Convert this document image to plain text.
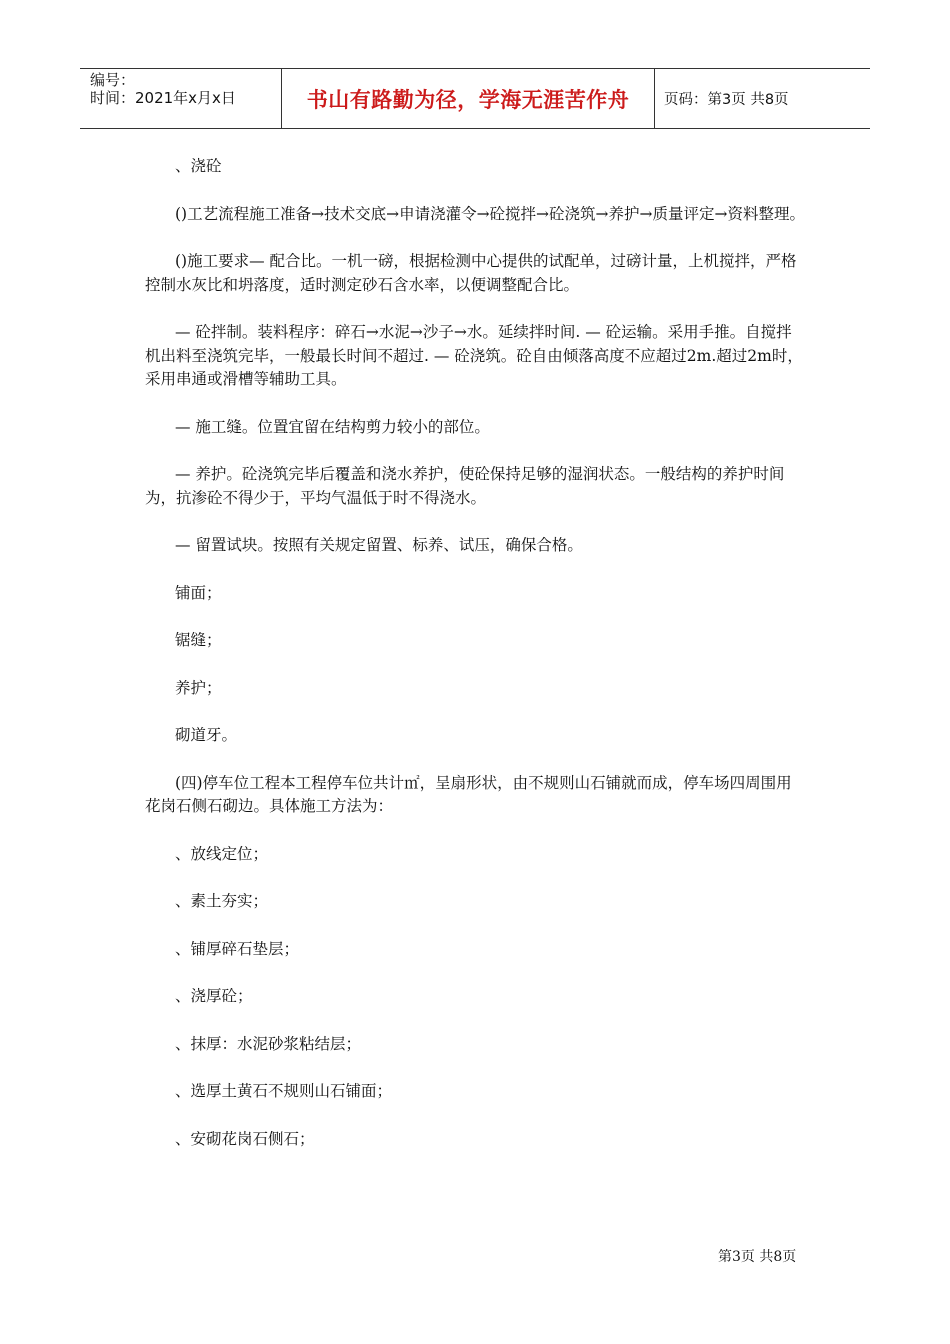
编号：
时间：2021年x月x日	书山有路勤为径，学海无涯苦作舟	页码：第3页 共8页

、浇砼

()工艺流程施工准备→技术交底→申请浇灌令→砼搅拌→砼浇筑→养护→质量评定→资料整理。

()施工要求— 配合比。一机一磅，根据检测中心提供的试配单，过磅计量，上机搅拌，严格控制水灰比和坍落度，适时测定砂石含水率，以便调整配合比。

— 砼拌制。装料程序：碎石→水泥→沙子→水。延续拌时间. — 砼运输。采用手推。自搅拌机出料至浇筑完毕，一般最长时间不超过. — 砼浇筑。砼自由倾落高度不应超过2m.超过2m时，采用串通或滑槽等辅助工具。

— 施工缝。位置宜留在结构剪力较小的部位。

— 养护。砼浇筑完毕后覆盖和浇水养护，使砼保持足够的湿润状态。一般结构的养护时间为，抗渗砼不得少于，平均气温低于时不得浇水。

— 留置试块。按照有关规定留置、标养、试压，确保合格。

铺面；

锯缝；

养护；

砌道牙。

(四)停车位工程本工程停车位共计㎡，呈扇形状，由不规则山石铺就而成，停车场四周围用花岗石侧石砌边。具体施工方法为：

、放线定位；

、素土夯实；

、铺厚碎石垫层；

、浇厚砼；

、抹厚：水泥砂浆粘结层；

、选厚土黄石不规则山石铺面；

、安砌花岗石侧石；

第3页 共8页
